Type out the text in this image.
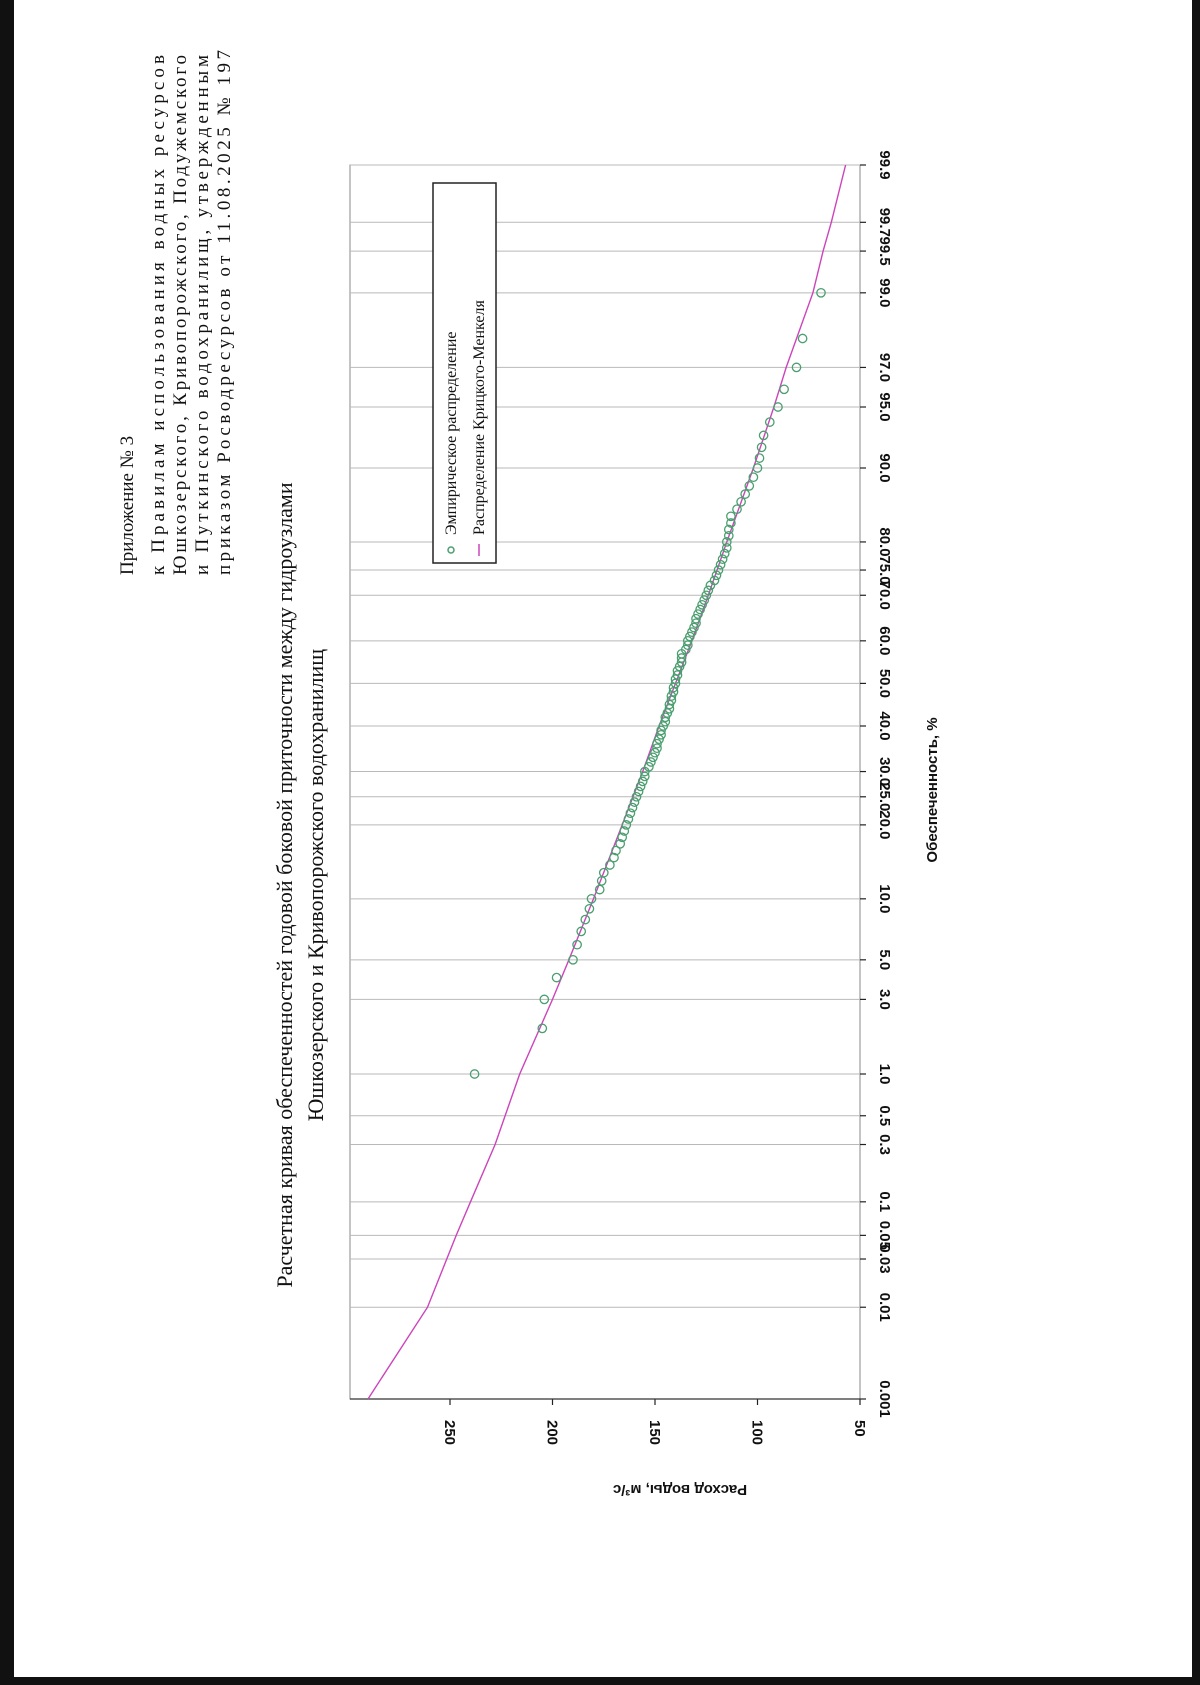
Приложение № 3 к Правилам использования водных ресурсов
Юшкозерского, Кривопорожского, Подужемского
и Путкинского водохранилищ, утвержденным
приказом Росводресурсов от 11.08.2025 № 197
Расчетная кривая обеспеченностей годовой боковой приточности между гидроузлами Юшкозерского и Кривопорожского водохранилищ
0.001
0.01
0.03
0.05
0.1
0.3
0.5
1.0
3.0
5.0
10.0
20.0
25.0
30.0
40.0
50.0
60.0
70.0
75.0
80.0
90.0
95.0
97.0
99.0
99.5
99.7
99.9
50
100
150
200
250
Обеспеченность, %
Расход воды, м³/с
Эмпирическое распределение Распределение Крицкого-Менкеля
